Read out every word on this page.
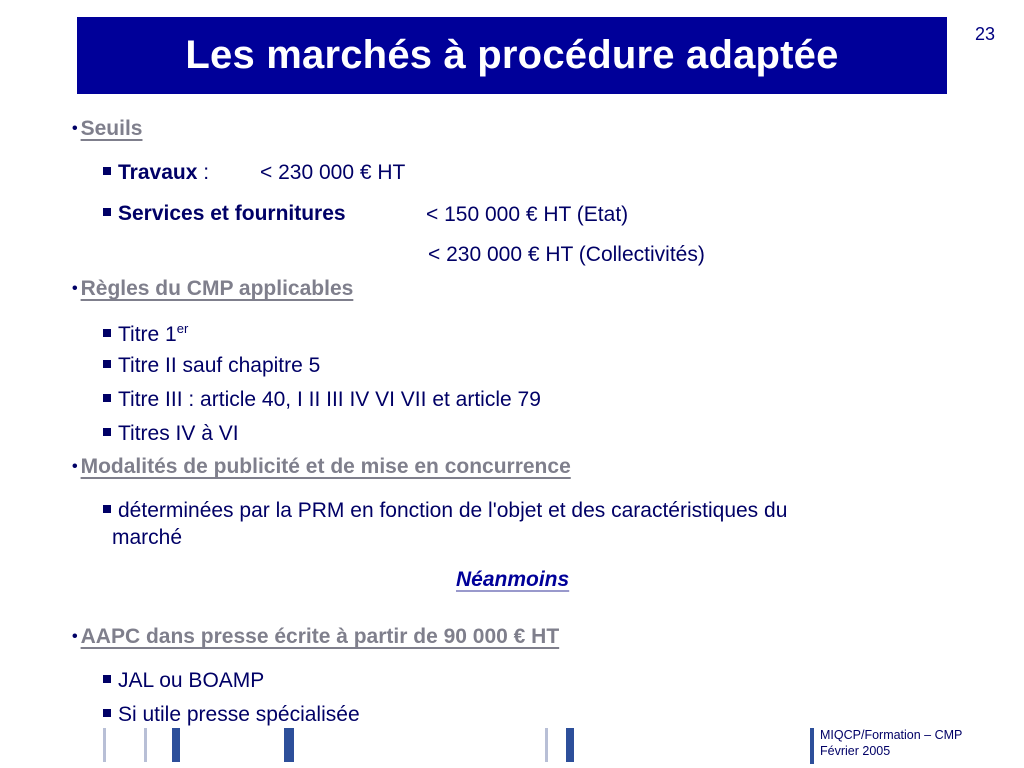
Les marchés à procédure adaptée	23
• Seuils
Travaux : < 230 000 € HT
Services et fournitures	< 150 000 € HT (Etat)
< 230 000 € HT (Collectivités)
• Règles du CMP applicables
Titre 1er
Titre II sauf chapitre 5
Titre III : article 40, I II III IV VI VII et article 79
Titres IV à VI
• Modalités de publicité et de mise en concurrence
déterminées par la PRM en fonction de l'objet et des caractéristiques du
marché
Néanmoins
• AAPC dans presse écrite à partir de 90 000 € HT
JAL ou BOAMP
Si utile presse spécialisée
MIQCP/Formation – CMP
Février 2005
